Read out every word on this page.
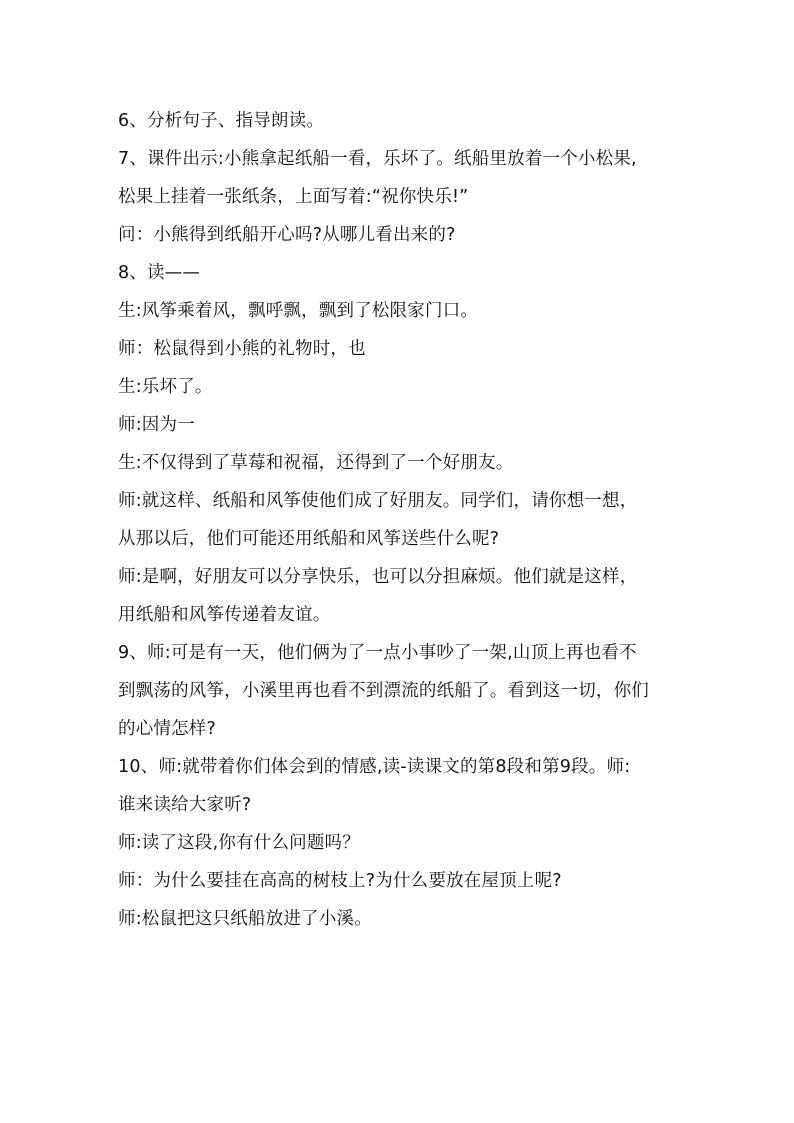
6、分析句子、指导朗读。
7、课件出示:小熊拿起纸船一看，乐坏了。纸船里放着一个小松果,
松果上挂着一张纸条，上面写着:“祝你快乐!”
问：小熊得到纸船开心吗?从哪儿看出来的?
8、读——
生:风筝乘着风，飘呼飘，飘到了松限家门口。
师：松鼠得到小熊的礼物时，也
生:乐坏了。
师:因为一
生:不仅得到了草莓和祝福，还得到了一个好朋友。
师:就这样、纸船和风筝使他们成了好朋友。同学们，请你想一想，
从那以后，他们可能还用纸船和风筝送些什么呢?
师:是啊，好朋友可以分享快乐，也可以分担麻烦。他们就是这样，
用纸船和风筝传递着友谊。
9、师:可是有一天，他们俩为了一点小事吵了一架,山顶上再也看不
到飘荡的风筝，小溪里再也看不到漂流的纸船了。看到这一切，你们
的心情怎样?
10、师:就带着你们体会到的情感,读-读课文的第8段和第9段。师:
谁来读给大家听?
师:读了这段,你有什么问题吗？
师：为什么要挂在高高的树枝上?为什么要放在屋顶上呢?
师:松鼠把这只纸船放进了小溪。
